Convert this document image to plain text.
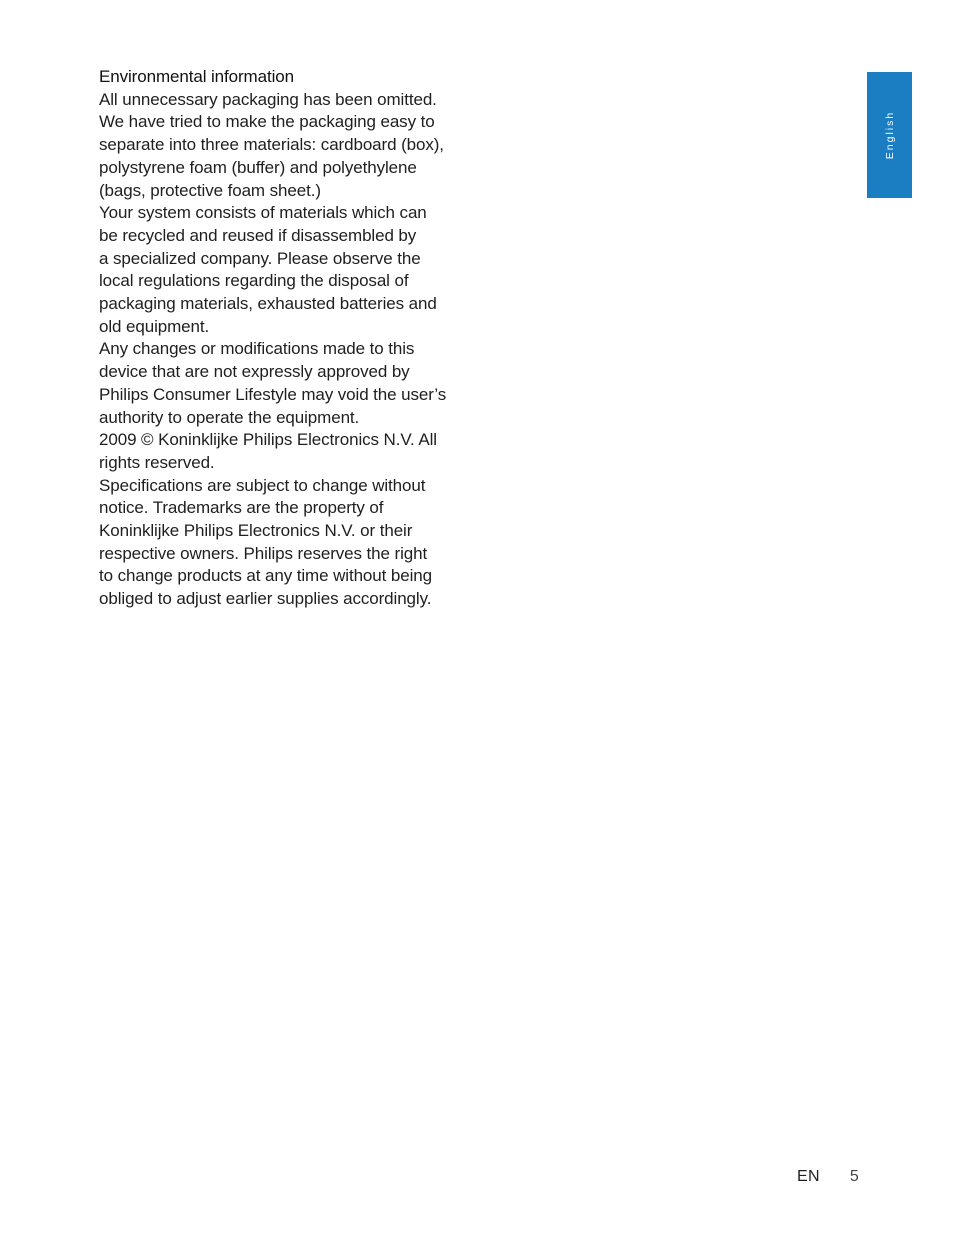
Environmental information

All unnecessary packaging has been omitted.
We have tried to make the packaging easy to
separate into three materials: cardboard (box),
polystyrene foam (buffer) and polyethylene
(bags, protective foam sheet.)

Your system consists of materials which can
be recycled and reused if disassembled by
a specialized company. Please observe the
local regulations regarding the disposal of
packaging materials, exhausted batteries and
old equipment.

Any changes or modifications made to this
device that are not expressly approved by
Philips Consumer Lifestyle may void the user’s
authority to operate the equipment.

2009 © Koninklijke Philips Electronics N.V. All
rights reserved.

Specifications are subject to change without
notice. Trademarks are the property of
Koninklijke Philips Electronics N.V. or their
respective owners. Philips reserves the right
to change products at any time without being
obliged to adjust earlier supplies accordingly.

English
EN 5
